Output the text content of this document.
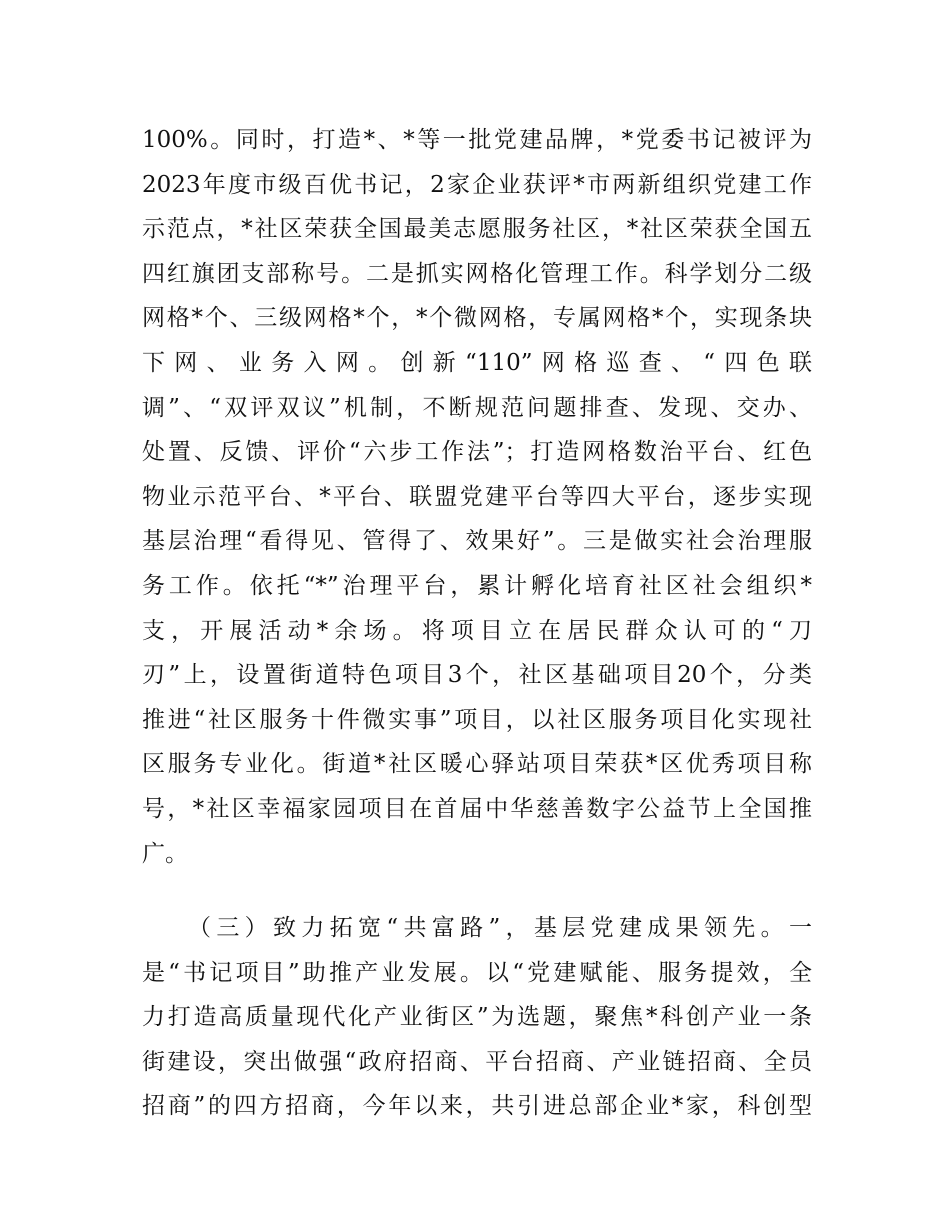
100%。同时，打造*、*等一批党建品牌，*党委书记被评为
2023年度市级百优书记，2家企业获评*市两新组织党建工作
示范点，*社区荣获全国最美志愿服务社区，*社区荣获全国五
四红旗团支部称号。二是抓实网格化管理工作。科学划分二级
网格*个、三级网格*个，*个微网格，专属网格*个，实现条块
下网、业务入网。创新“110”网格巡查、“四色联
调”、“双评双议”机制，不断规范问题排查、发现、交办、
处置、反馈、评价“六步工作法”；打造网格数治平台、红色
物业示范平台、*平台、联盟党建平台等四大平台，逐步实现
基层治理“看得见、管得了、效果好”。三是做实社会治理服
务工作。依托“*”治理平台，累计孵化培育社区社会组织*
支，开展活动*余场。将项目立在居民群众认可的“刀
刃”上，设置街道特色项目3个，社区基础项目20个，分类
推进“社区服务十件微实事”项目，以社区服务项目化实现社
区服务专业化。街道*社区暖心驿站项目荣获*区优秀项目称
号，*社区幸福家园项目在首届中华慈善数字公益节上全国推
广。
（三）致力拓宽“共富路”，基层党建成果领先。一
是“书记项目”助推产业发展。以“党建赋能、服务提效，全
力打造高质量现代化产业街区”为选题，聚焦*科创产业一条
街建设，突出做强“政府招商、平台招商、产业链招商、全员
招商”的四方招商，今年以来，共引进总部企业*家，科创型
